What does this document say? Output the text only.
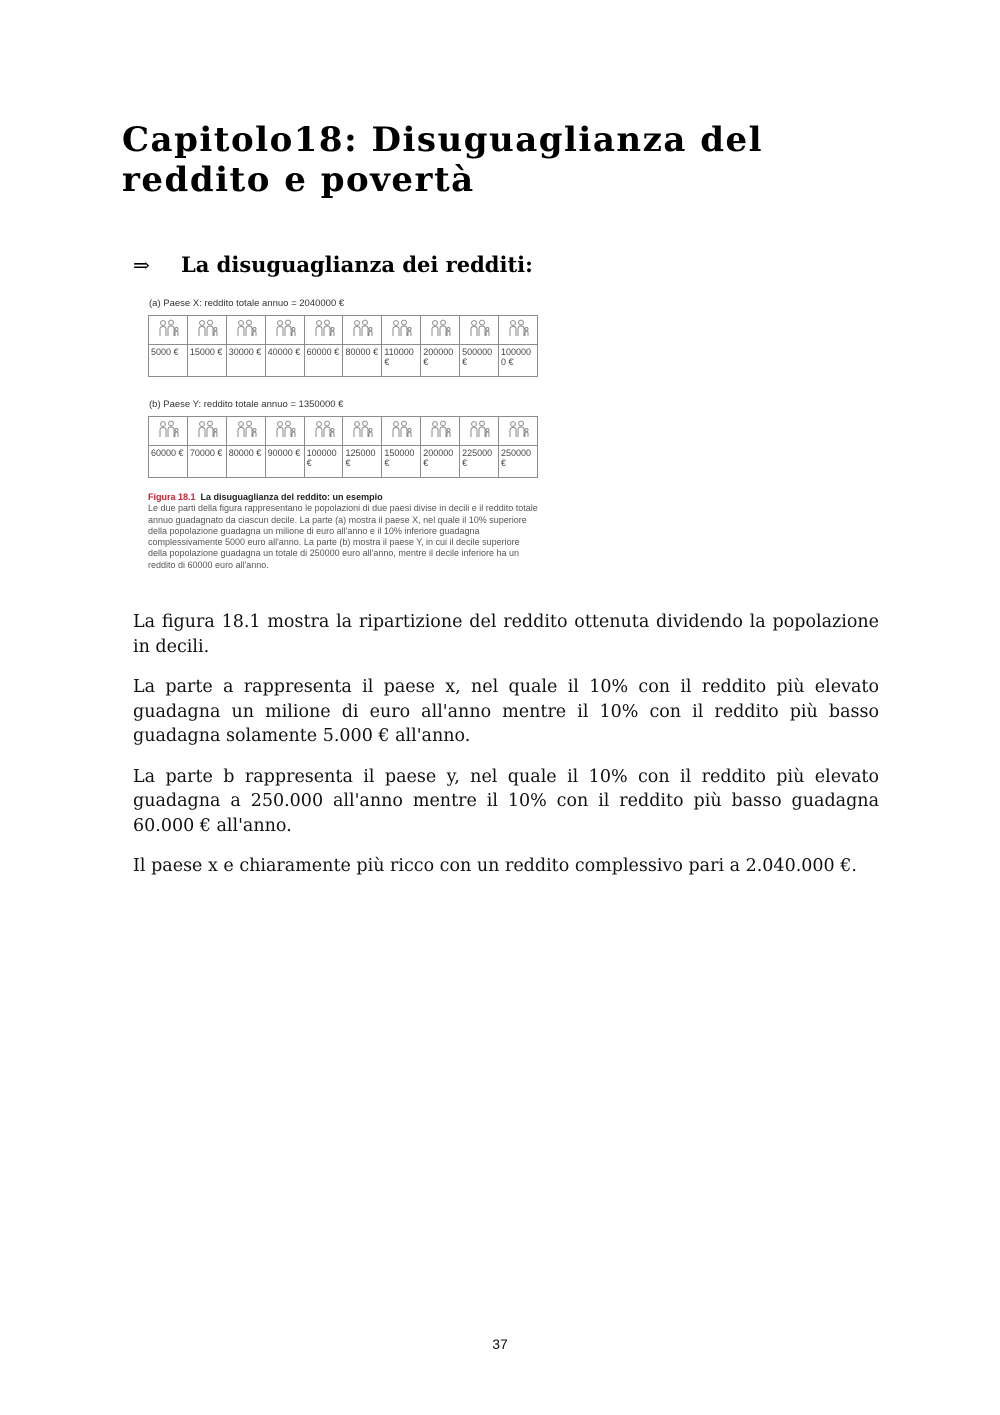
Capitolo18: Disuguaglianza del reddito e povertà
⇒	La disuguaglianza dei redditi:
(a) Paese X: reddito totale annuo = 2040000 €

5000 €	15000 €	30000 €	40000 €	60000 €	80000 €	110000 €	200000 €	500000 €	1000000 €
(b) Paese Y: reddito totale annuo = 1350000 €

60000 €	70000 €	80000 €	90000 €	100000 €	125000 €	150000 €	200000 €	225000 €	250000 €
Figura 18.1 La disuguaglianza del reddito: un esempio
Le due parti della figura rappresentano le popolazioni di due paesi divise in decili e il reddito totale annuo guadagnato da ciascun decile. La parte (a) mostra il paese X, nel quale il 10% superiore della popolazione guadagna un milione di euro all'anno e il 10% inferiore guadagna complessivamente 5000 euro all'anno. La parte (b) mostra il paese Y, in cui il decile superiore della popolazione guadagna un totale di 250000 euro all'anno, mentre il decile inferiore ha un reddito di 60000 euro all'anno.

La figura 18.1 mostra la ripartizione del reddito ottenuta dividendo la popolazione in decili.

La parte a rappresenta il paese x, nel quale il 10% con il reddito più elevato guadagna un milione di euro all'anno mentre il 10% con il reddito più basso guadagna solamente 5.000 € all'anno.

La parte b rappresenta il paese y, nel quale il 10% con il reddito più elevato guadagna a 250.000 all'anno mentre il 10% con il reddito più basso guadagna 60.000 € all'anno.

Il paese x e chiaramente più ricco con un reddito complessivo pari a 2.040.000 €.

37
